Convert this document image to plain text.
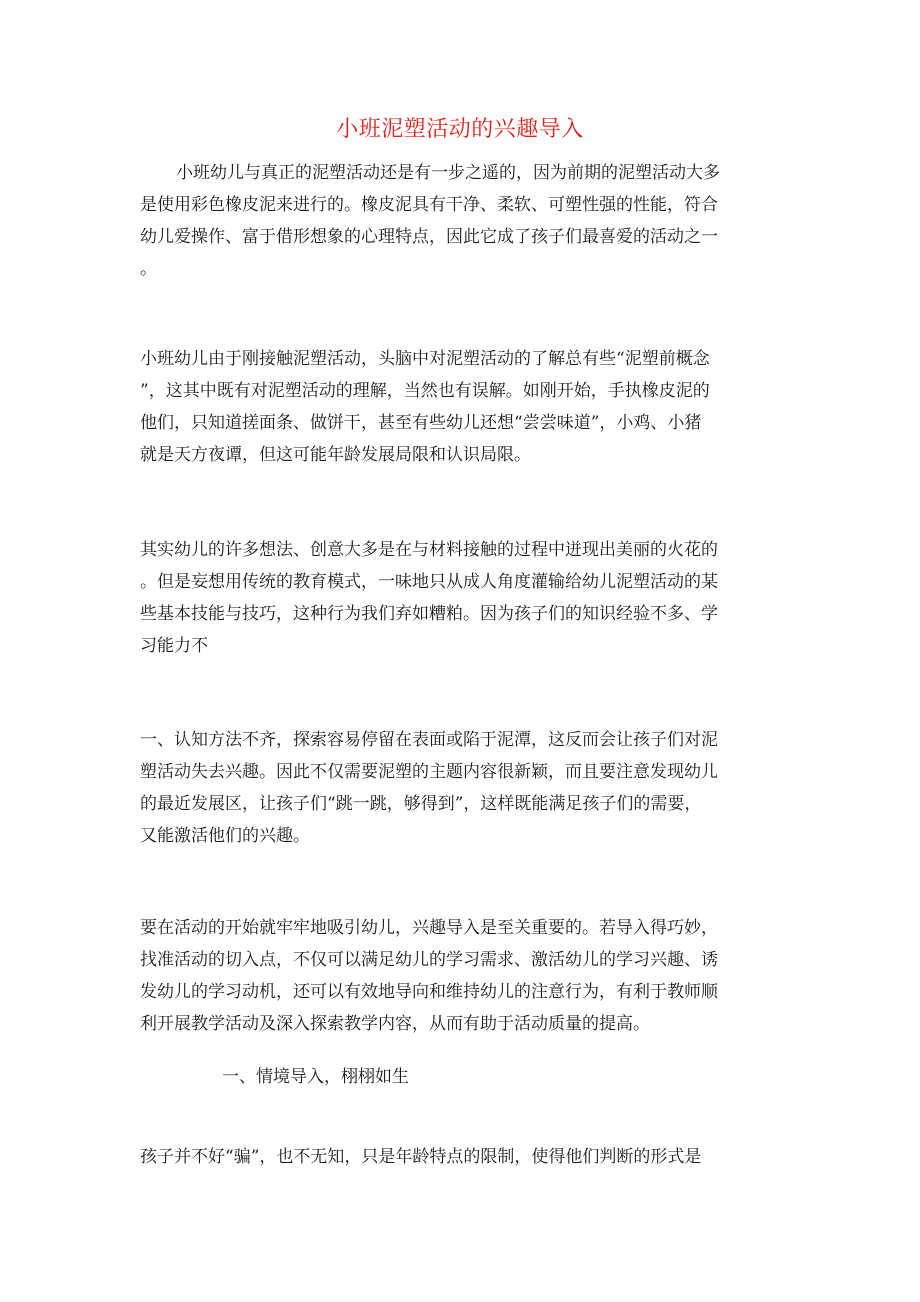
小班泥塑活动的兴趣导入
小班幼儿与真正的泥塑活动还是有一步之遥的，因为前期的泥塑活动大多
是使用彩色橡皮泥来进行的。橡皮泥具有干净、柔软、可塑性强的性能，符合
幼儿爱操作、富于借形想象的心理特点，因此它成了孩子们最喜爱的活动之一
。
小班幼儿由于刚接触泥塑活动，头脑中对泥塑活动的了解总有些“泥塑前概念
”，这其中既有对泥塑活动的理解，当然也有误解。如刚开始，手执橡皮泥的
他们，只知道搓面条、做饼干，甚至有些幼儿还想“尝尝味道”，小鸡、小猪
就是天方夜谭，但这可能年龄发展局限和认识局限。
其实幼儿的许多想法、创意大多是在与材料接触的过程中迸现出美丽的火花的
。但是妄想用传统的教育模式，一味地只从成人角度灌输给幼儿泥塑活动的某
些基本技能与技巧，这种行为我们弃如糟粕。因为孩子们的知识经验不多、学
习能力不
一、认知方法不齐，探索容易停留在表面或陷于泥潭，这反而会让孩子们对泥
塑活动失去兴趣。因此不仅需要泥塑的主题内容很新颖，而且要注意发现幼儿
的最近发展区，让孩子们“跳一跳，够得到”，这样既能满足孩子们的需要，
又能激活他们的兴趣。
要在活动的开始就牢牢地吸引幼儿，兴趣导入是至关重要的。若导入得巧妙，
找准活动的切入点，不仅可以满足幼儿的学习需求、激活幼儿的学习兴趣、诱
发幼儿的学习动机，还可以有效地导向和维持幼儿的注意行为，有利于教师顺
利开展教学活动及深入探索教学内容，从而有助于活动质量的提高。
一、情境导入，栩栩如生
孩子并不好“骗”，也不无知，只是年龄特点的限制，使得他们判断的形式是
